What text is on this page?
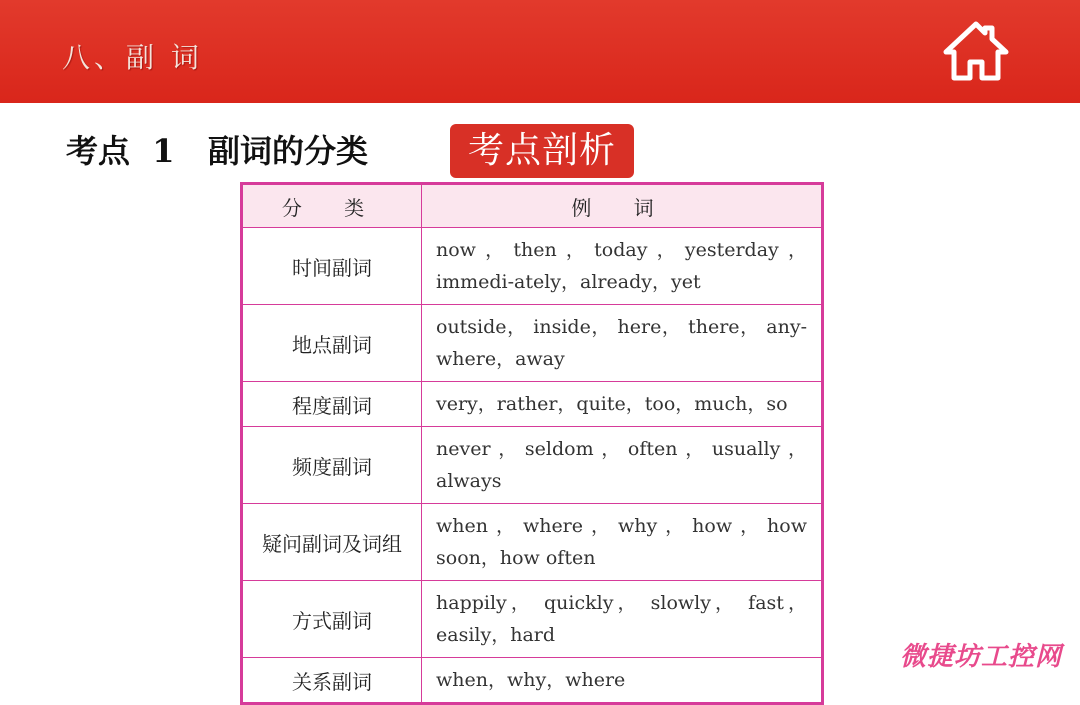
八、副 词
考点  1   副词的分类	考点剖析
分 类	例 词
时间副词	now，then，today，yesterday，immedi-ately，already，yet
地点副词	outside， inside， here， there， any-where，away
程度副词	very，rather，quite，too，much，so
频度副词	never，seldom，often，usually，always
疑问副词及词组	when，where，why，how，how soon，how often
方式副词	happily， quickly， slowly， fast，easily，hard
关系副词	when，why，where
微捷坊工控网
